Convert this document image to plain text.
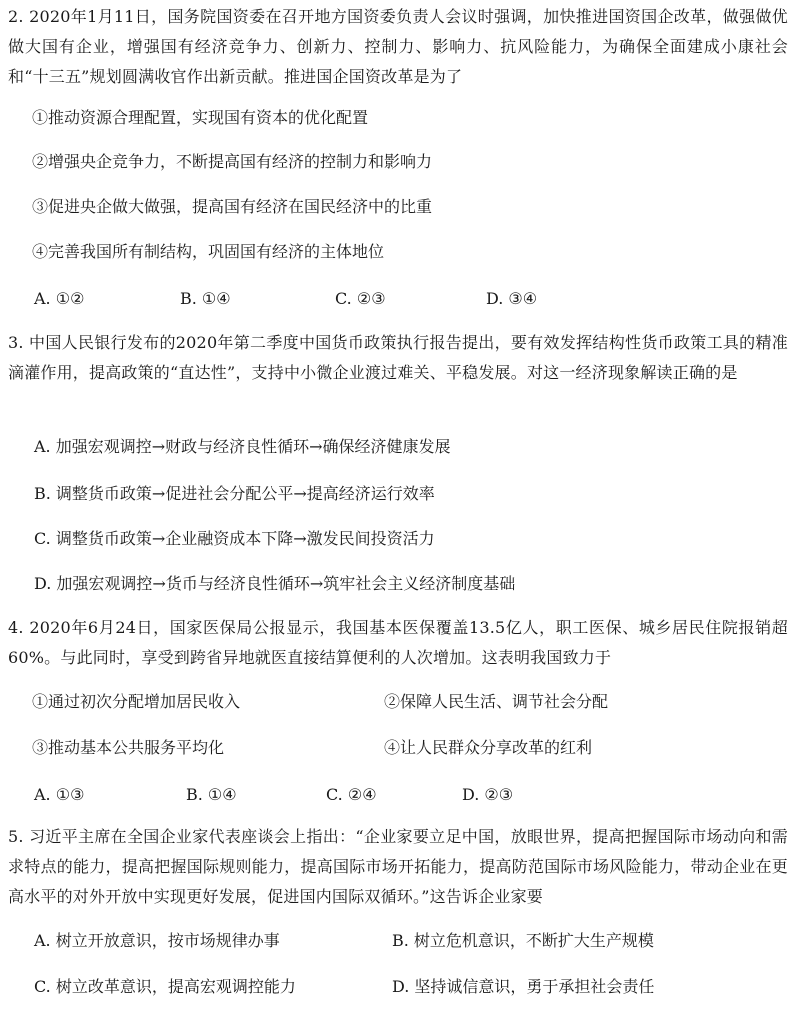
2. 2020年1月11日，国务院国资委在召开地方国资委负责人会议时强调，加快推进国资国企改革，做强做优做大国有企业，增强国有经济竞争力、创新力、控制力、影响力、抗风险能力，为确保全面建成小康社会和“十三五”规划圆满收官作出新贡献。推进国企国资改革是为了
①推动资源合理配置，实现国有资本的优化配置
②增强央企竞争力，不断提高国有经济的控制力和影响力
③促进央企做大做强，提高国有经济在国民经济中的比重
④完善我国所有制结构，巩固国有经济的主体地位
A. ①②	B. ①④	C. ②③	D. ③④
3. 中国人民银行发布的2020年第二季度中国货币政策执行报告提出，要有效发挥结构性货币政策工具的精准滴灌作用，提高政策的“直达性”，支持中小微企业渡过难关、平稳发展。对这一经济现象解读正确的是
A. 加强宏观调控→财政与经济良性循环→确保经济健康发展
B. 调整货币政策→促进社会分配公平→提高经济运行效率
C. 调整货币政策→企业融资成本下降→激发民间投资活力
D. 加强宏观调控→货币与经济良性循环→筑牢社会主义经济制度基础
4. 2020年6月24日，国家医保局公报显示，我国基本医保覆盖13.5亿人，职工医保、城乡居民住院报销超60%。与此同时，享受到跨省异地就医直接结算便利的人次增加。这表明我国致力于
①通过初次分配增加居民收入	②保障人民生活、调节社会分配
③推动基本公共服务平均化	④让人民群众分享改革的红利
A. ①③	B. ①④	C. ②④	D. ②③
5. 习近平主席在全国企业家代表座谈会上指出：“企业家要立足中国，放眼世界，提高把握国际市场动向和需求特点的能力，提高把握国际规则能力，提高国际市场开拓能力，提高防范国际市场风险能力，带动企业在更高水平的对外开放中实现更好发展，促进国内国际双循环。”这告诉企业家要
A. 树立开放意识，按市场规律办事	B. 树立危机意识，不断扩大生产规模
C. 树立改革意识，提高宏观调控能力	D. 坚持诚信意识，勇于承担社会责任
